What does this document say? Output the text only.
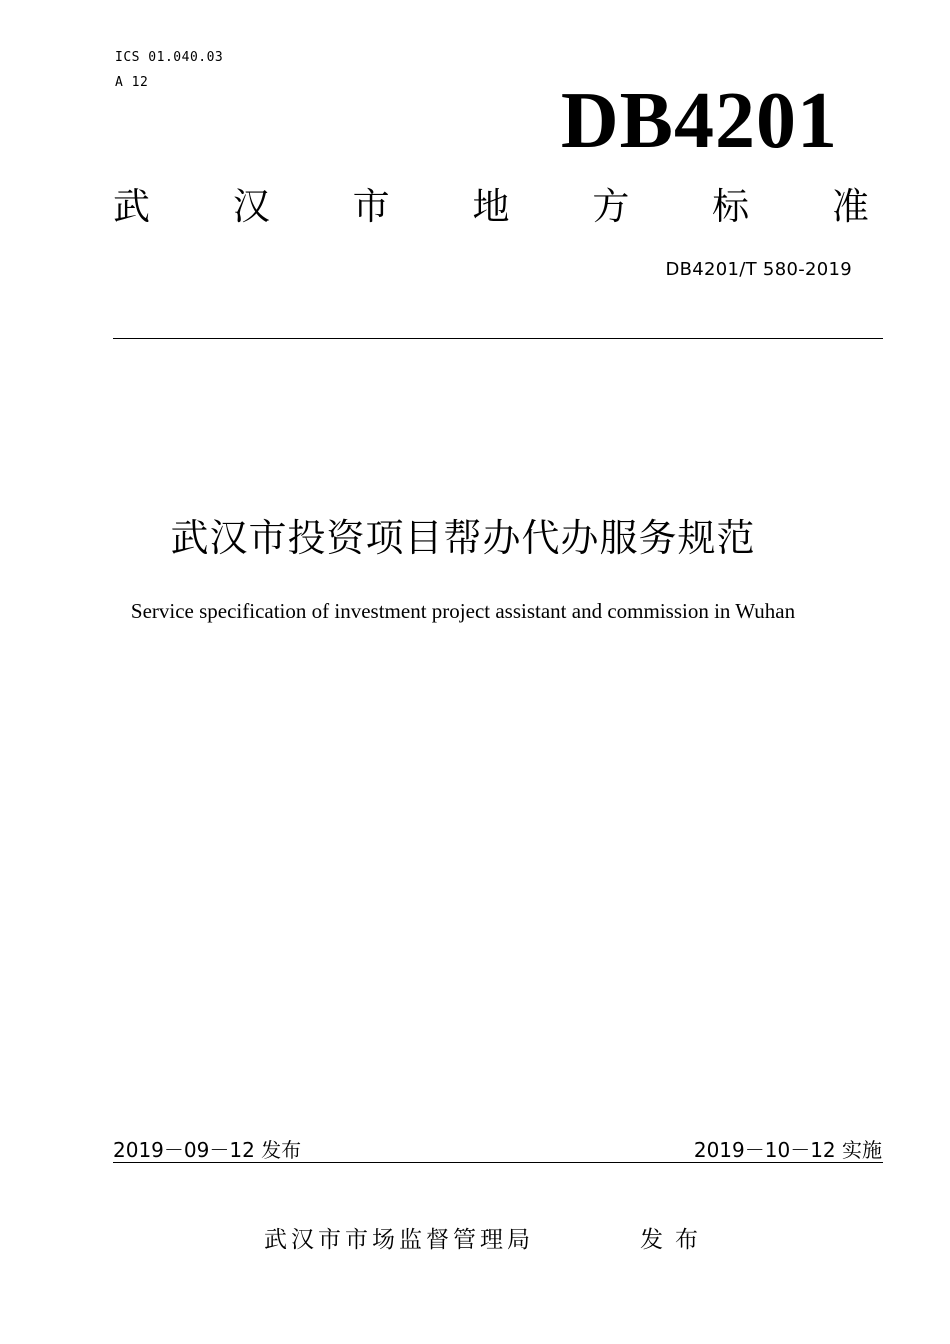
ICS 01.040.03
A 12	DB4201
武 汉 市 地 方 标 准
DB4201/T 580-2019
武汉市投资项目帮办代办服务规范
Service specification of investment project assistant and commission in Wuhan
2019－09－12 发布	2019－10－12 实施
武汉市市场监督管理局	发布
